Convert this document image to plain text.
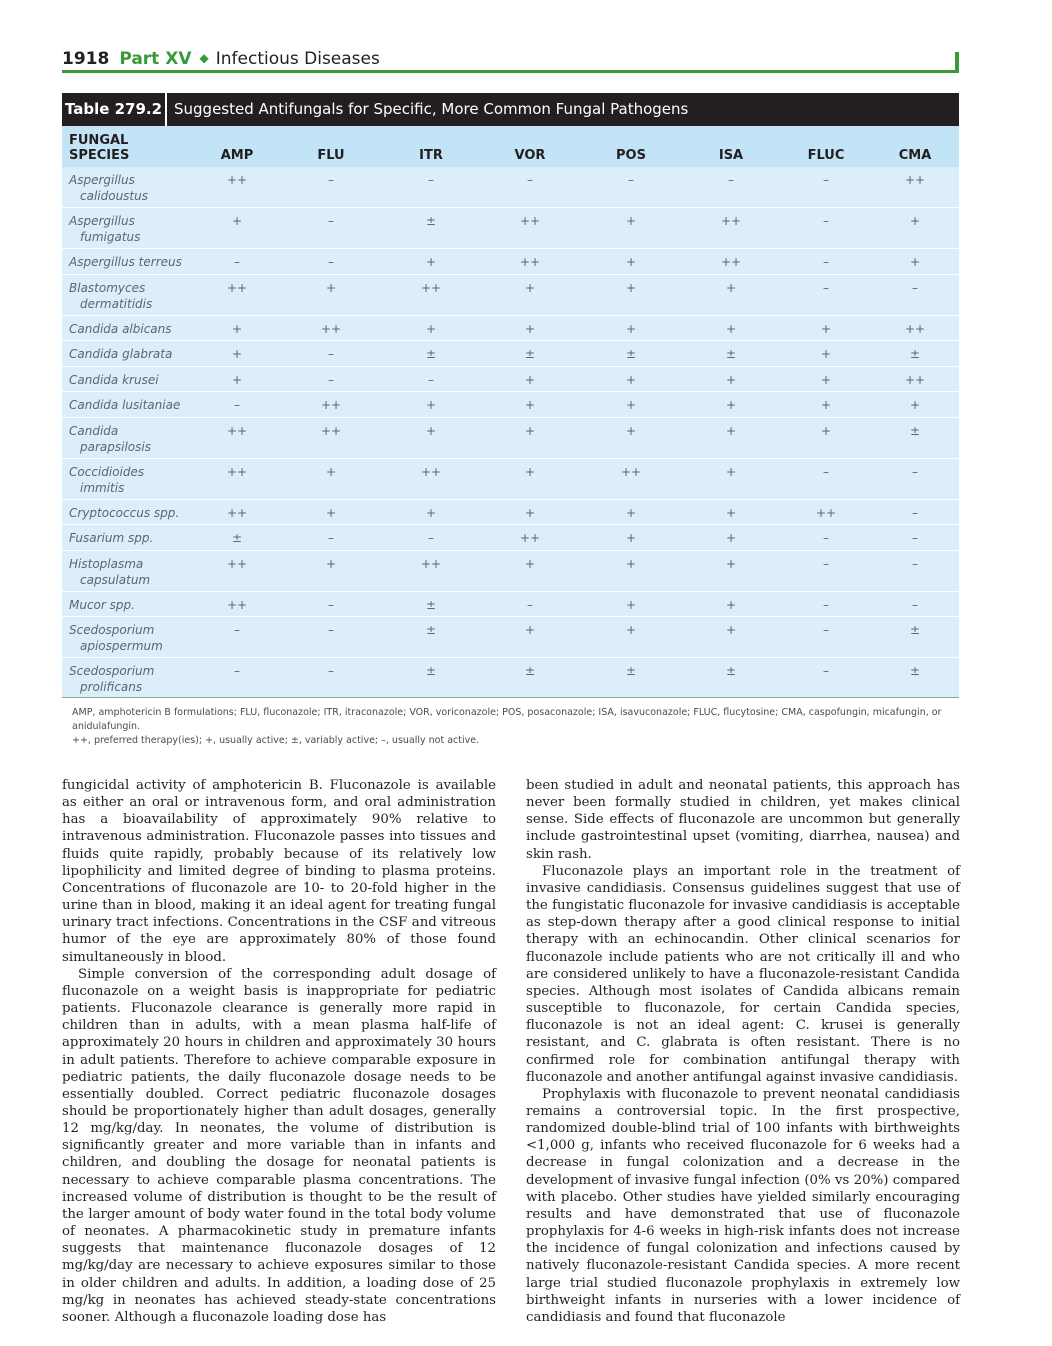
1918 Part XV ◆ Infectious Diseases
Table 279.2 Suggested Antifungals for Specific, More Common Fungal Pathogens
FUNGAL
SPECIES	AMP	FLU	ITR	VOR	POS	ISA	FLUC	CMA
Aspergillus
calidoustus
++	–	–	–	–	–	–	++
Aspergillus
fumigatus
+	–	±	++	+	++	–	+
Aspergillus terreus	–	–	+	++	+	++	–	+
Blastomyces
dermatitidis
++	+	++	+	+	+	–	–
Candida albicans	+	++	+	+	+	+	+	++
Candida glabrata	+	–	±	±	±	±	+	±
Candida krusei	+	–	–	+	+	+	+	++
Candida lusitaniae	–	++	+	+	+	+	+	+
Candida
parapsilosis
++	++	+	+	+	+	+	±
Coccidioides
immitis
++	+	++	+	++	+	–	–
Cryptococcus spp.	++	+	+	+	+	+	++	–
Fusarium spp.	±	–	–	++	+	+	–	–
Histoplasma
capsulatum
++	+	++	+	+	+	–	–
Mucor spp.	++	–	±	–	+	+	–	–
Scedosporium
apiospermum
–	–	±	+	+	+	–	±
Scedosporium
prolificans
–	–	±	±	±	±	–	±
AMP, amphotericin B formulations; FLU, fluconazole; ITR, itraconazole; VOR, voriconazole; POS, posaconazole; ISA, isavuconazole; FLUC, flucytosine; CMA, caspofungin, micafungin, or anidulafungin.
++, preferred therapy(ies); +, usually active; ±, variably active; –, usually not active.

fungicidal activity of amphotericin B. Fluconazole is available as either an oral or intravenous form, and oral administration has a bioavailability of approximately 90% relative to intravenous administration. Fluconazole passes into tissues and fluids quite rapidly, probably because of its relatively low lipophilicity and limited degree of binding to plasma proteins. Concentrations of fluconazole are 10- to 20-fold higher in the urine than in blood, making it an ideal agent for treating fungal urinary tract infections. Concentrations in the CSF and vitreous humor of the eye are approximately 80% of those found simultaneously in blood.

Simple conversion of the corresponding adult dosage of fluconazole on a weight basis is inappropriate for pediatric patients. Fluconazole clearance is generally more rapid in children than in adults, with a mean plasma half-life of approximately 20 hours in children and approximately 30 hours in adult patients. Therefore to achieve comparable exposure in pediatric patients, the daily fluconazole dosage needs to be essentially doubled. Correct pediatric fluconazole dosages should be proportionately higher than adult dosages, generally 12 mg/kg/day. In neonates, the volume of distribution is significantly greater and more variable than in infants and children, and doubling the dosage for neonatal patients is necessary to achieve comparable plasma concentrations. The increased volume of distribution is thought to be the result of the larger amount of body water found in the total body volume of neonates. A pharmacokinetic study in premature infants suggests that maintenance fluconazole dosages of 12 mg/kg/day are necessary to achieve exposures similar to those in older children and adults. In addition, a loading dose of 25 mg/kg in neonates has achieved steady-state concentrations sooner. Although a fluconazole loading dose has

been studied in adult and neonatal patients, this approach has never been formally studied in children, yet makes clinical sense. Side effects of fluconazole are uncommon but generally include gastrointestinal upset (vomiting, diarrhea, nausea) and skin rash.

Fluconazole plays an important role in the treatment of invasive candidiasis. Consensus guidelines suggest that use of the fungistatic fluconazole for invasive candidiasis is acceptable as step-down therapy after a good clinical response to initial therapy with an echinocandin. Other clinical scenarios for fluconazole include patients who are not critically ill and who are considered unlikely to have a fluconazole-resistant Candida species. Although most isolates of Candida albicans remain susceptible to fluconazole, for certain Candida species, fluconazole is not an ideal agent: C. krusei is generally resistant, and C. glabrata is often resistant. There is no confirmed role for combination antifungal therapy with fluconazole and another antifungal against invasive candidiasis.

Prophylaxis with fluconazole to prevent neonatal candidiasis remains a controversial topic. In the first prospective, randomized double-blind trial of 100 infants with birthweights <1,000 g, infants who received fluconazole for 6 weeks had a decrease in fungal colonization and a decrease in the development of invasive fungal infection (0% vs 20%) compared with placebo. Other studies have yielded similarly encouraging results and have demonstrated that use of fluconazole prophylaxis for 4-6 weeks in high-risk infants does not increase the incidence of fungal colonization and infections caused by natively fluconazole-resistant Candida species. A more recent large trial studied fluconazole prophylaxis in extremely low birthweight infants in nurseries with a lower incidence of candidiasis and found that fluconazole
